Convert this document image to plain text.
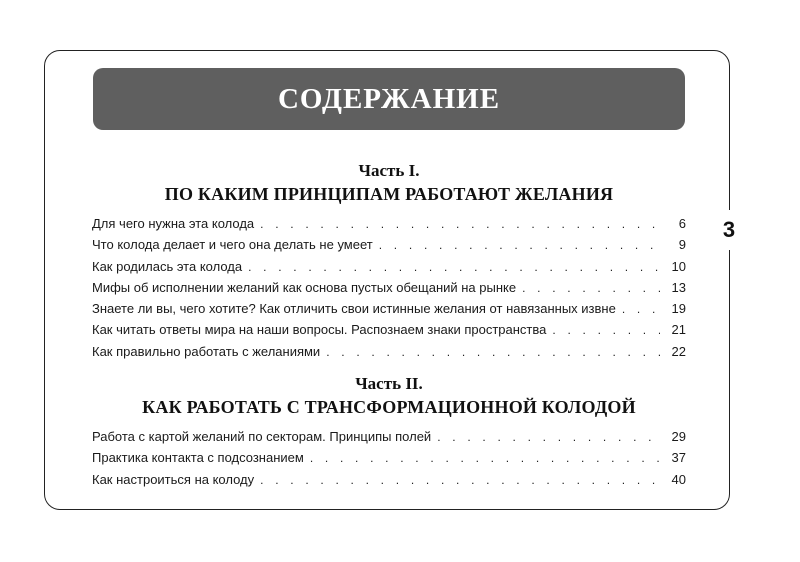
СОДЕРЖАНИЕ
Часть I.
ПО КАКИМ ПРИНЦИПАМ РАБОТАЮТ ЖЕЛАНИЯ
Для чего нужна эта колода . . .	6
Что колода делает и чего она делать не умеет . . .	9
Как родилась эта колода . . .	10
Мифы об исполнении желаний как основа пустых обещаний на рынке . . .	13
Знаете ли вы, чего хотите? Как отличить свои истинные желания от навязанных извне . . .	19
Как читать ответы мира на наши вопросы. Распознаем знаки пространства . . .	21
Как правильно работать с желаниями . . .	22
Часть II.
КАК РАБОТАТЬ С ТРАНСФОРМАЦИОННОЙ КОЛОДОЙ
Работа с картой желаний по секторам. Принципы полей . . .	29
Практика контакта с подсознанием . . .	37
Как настроиться на колоду . . .	40
3
